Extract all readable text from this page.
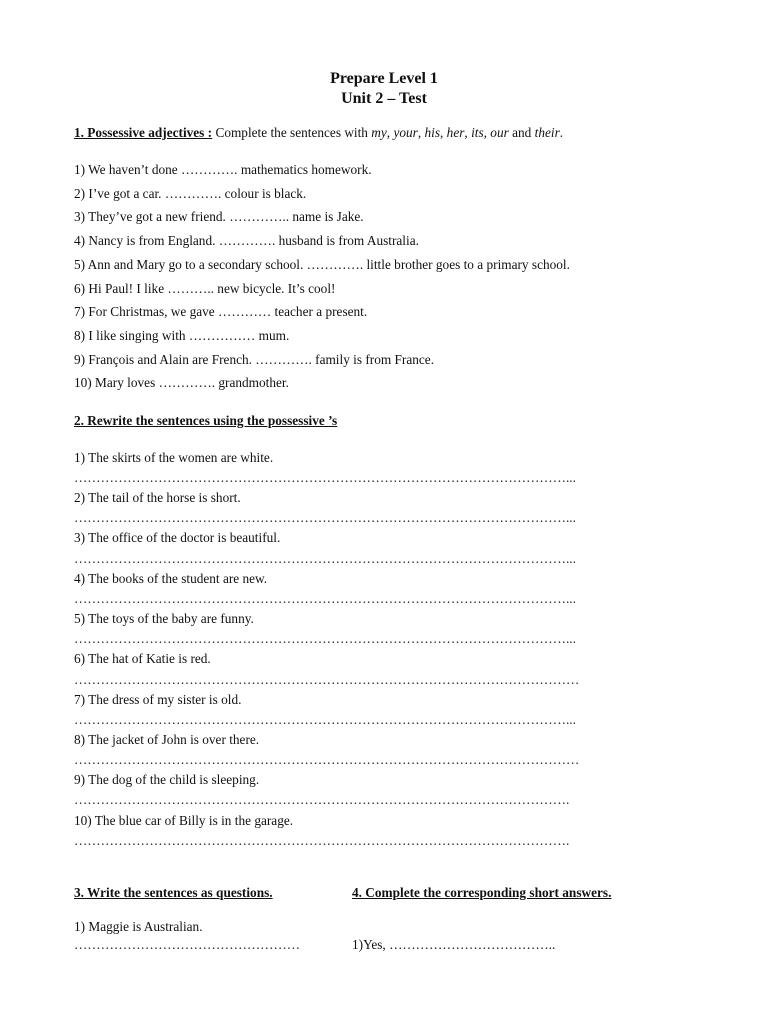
Prepare Level 1
Unit 2 – Test
1. Possessive adjectives : Complete the sentences with my, your, his, her, its, our and their.
1) We haven’t done …………. mathematics homework.
2) I’ve got a car. …………. colour is black.
3) They’ve got a new friend. ………….. name is Jake.
4) Nancy is from England. …………. husband is from Australia.
5) Ann and Mary go to a secondary school. …………. little brother goes to a primary school.
6) Hi Paul! I like ……….. new bicycle. It’s cool!
7) For Christmas, we gave ………… teacher a present.
8) I like singing with …………… mum.
9) François and Alain are French. …………. family is from France.
10) Mary loves …………. grandmother.
2. Rewrite the sentences using the possessive ’s
1) The skirts of the women are white.
…………………………………………………………………………………………………...
2) The tail of the horse is short.
…………………………………………………………………………………………………...
3) The office of the doctor is beautiful.
…………………………………………………………………………………………………...
4) The books of the student are new.
…………………………………………………………………………………………………...
5) The toys of the baby are funny.
…………………………………………………………………………………………………...
6) The hat of Katie is red.
……………………………………………………………………………………………………
7) The dress of my sister is old.
…………………………………………………………………………………………………...
8) The jacket of John is over there.
……………………………………………………………………………………………………
9) The dog of the child is sleeping.
………………………………………………………………………………………………….
10) The blue car of Billy is in the garage.
………………………………………………………………………………………………….
3. Write the sentences as questions.	4. Complete the corresponding short answers.
1) Maggie is Australian.
……………………………………………	1)Yes, ………………………………..
